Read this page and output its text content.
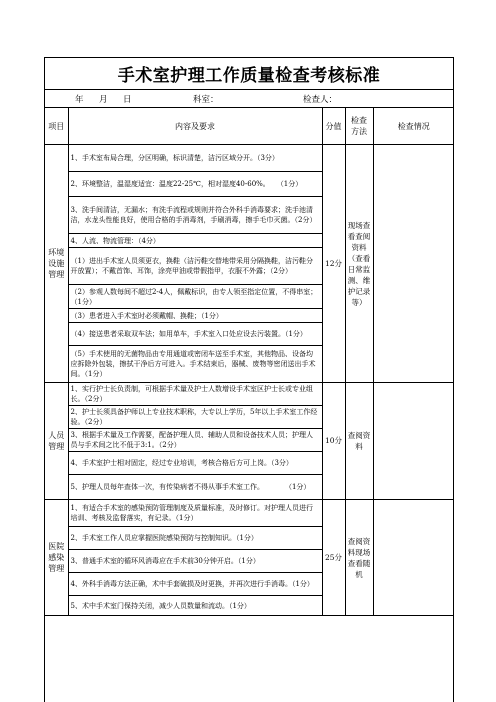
手术室护理工作质量检查考核标准
年 月 日	科室：	检查人：
项目	内容及要求	分值	检查方法	检查情况
环境设施管理	1、手术室布局合理，分区明确，标识清楚，洁污区域分开。（3分）	12分	现场查看查阅资料（查看日常监测、维护记录等）	
	2、环境整洁，温湿度适宜：温度22-25℃，相对湿度40-60%。　　（1分）			
	3、洗手间清洁，无漏水；有洗手流程或规则并符合外科手消毒要求；洗手池清洁，水龙头性能良好，使用合格的手消毒剂，手刷消毒，擦手毛巾灭菌。（2分）			
	4、人流、物流管理：（4分）			
	（1）进出手术室人员须更衣，换鞋（洁污鞋交替地带采用分隔换鞋，洁污鞋分开放置）；不戴首饰、耳饰，涂亮甲油或带假指甲，衣服不外露；（2分）			
	（2）参观人数每间不超过2-4人，佩戴标识，由专人领至指定位置，不得串室；（1分）			
	（3）患者进入手术室时必须戴帽、换鞋；（1分）			
	（4）接送患者采取双车法；如用单车，手术室入口处应设去污装置。（1分）			
	（5）手术使用的无菌物品由专用通道或密闭车送至手术室，其他物品、设备均应拆除外包装，擦拭干净后方可进入。手术结束后，器械、废物等密闭送出手术间。（1分）			
人员管理	1、实行护士长负责制，可根据手术量及护士人数增设手术室区护士长或专业组长。（2分）	10分	查阅资料	
	2、护士长须具备护师以上专业技术职称，大专以上学历，5年以上手术室工作经验。（2分）			
	3、根据手术量及工作需要，配备护理人员、辅助人员和设备技术人员；护理人员与手术间之比不低于3:1。（2分）			
	4、手术室护士相对固定，经过专业培训，考核合格后方可上岗。（3分）			
	5、护理人员每年查体一次，有传染病者不得从事手术室工作。　　　　（1分）			
医院感染管理	1、有适合手术室的感染预防管理制度及质量标准，及时修订。对护理人员进行培训、考核及监督落实，有记录。（1分）	25分	查阅资料现场查看随机	
	2、手术室工作人员应掌握医院感染预防与控制知识。（1分）			
	3、普通手术室的循环风消毒应在手术前30分钟开启。（1分）			
	4、外科手消毒方法正确，术中手套破损及时更换，并再次进行手消毒。（1分）			
	5、术中手术室门保持关闭，减少人员数量和流动。（1分）			
